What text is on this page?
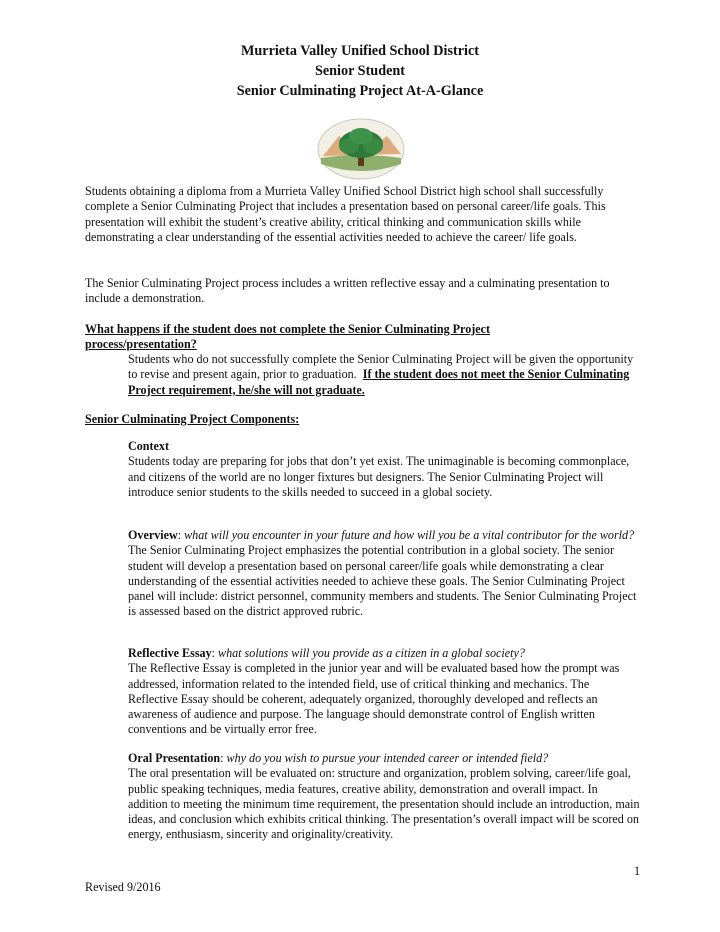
Murrieta Valley Unified School District
Senior Student
Senior Culminating Project At-A-Glance
Students obtaining a diploma from a Murrieta Valley Unified School District high school shall successfully complete a Senior Culminating Project that includes a presentation based on personal career/life goals. This presentation will exhibit the student’s creative ability, critical thinking and communication skills while demonstrating a clear understanding of the essential activities needed to achieve the career/ life goals.
The Senior Culminating Project process includes a written reflective essay and a culminating presentation to include a demonstration.
What happens if the student does not complete the Senior Culminating Project process/presentation?
Students who do not successfully complete the Senior Culminating Project will be given the opportunity to revise and present again, prior to graduation. If the student does not meet the Senior Culminating Project requirement, he/she will not graduate.
Senior Culminating Project Components:
Context
Students today are preparing for jobs that don’t yet exist. The unimaginable is becoming commonplace, and citizens of the world are no longer fixtures but designers. The Senior Culminating Project will introduce senior students to the skills needed to succeed in a global society.
Overview: what will you encounter in your future and how will you be a vital contributor for the world?
The Senior Culminating Project emphasizes the potential contribution in a global society. The senior student will develop a presentation based on personal career/life goals while demonstrating a clear understanding of the essential activities needed to achieve these goals. The Senior Culminating Project panel will include: district personnel, community members and students. The Senior Culminating Project is assessed based on the district approved rubric.
Reflective Essay: what solutions will you provide as a citizen in a global society?
The Reflective Essay is completed in the junior year and will be evaluated based how the prompt was addressed, information related to the intended field, use of critical thinking and mechanics. The Reflective Essay should be coherent, adequately organized, thoroughly developed and reflects an awareness of audience and purpose. The language should demonstrate control of English written conventions and be virtually error free.
Oral Presentation: why do you wish to pursue your intended career or intended field?
The oral presentation will be evaluated on: structure and organization, problem solving, career/life goal, public speaking techniques, media features, creative ability, demonstration and overall impact. In addition to meeting the minimum time requirement, the presentation should include an introduction, main ideas, and conclusion which exhibits critical thinking. The presentation’s overall impact will be scored on energy, enthusiasm, sincerity and originality/creativity.
1
Revised 9/2016
